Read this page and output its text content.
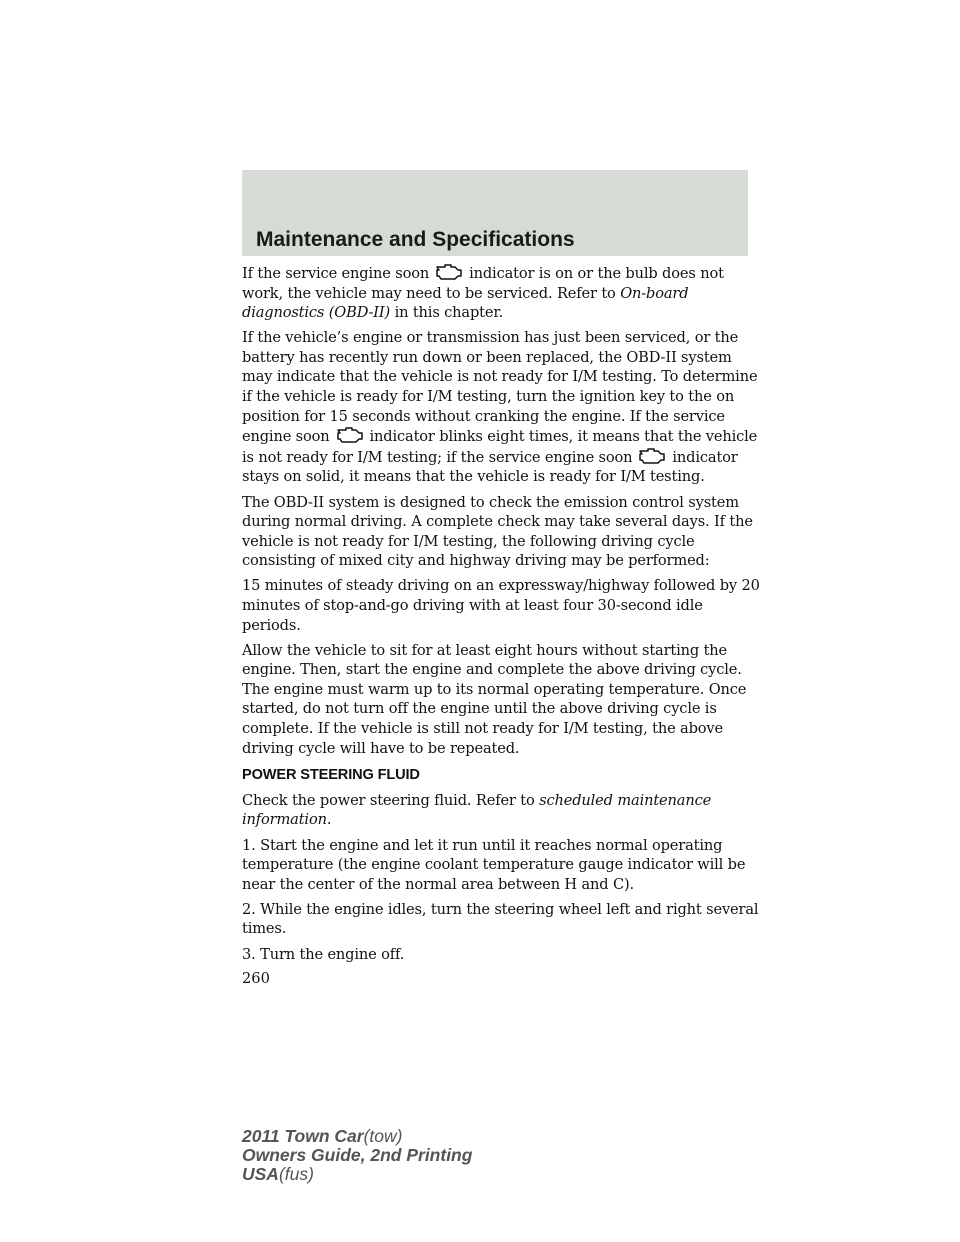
Maintenance and Specifications

If the service engine soon	indicator is on or the bulb does not work, the vehicle may need to be serviced. Refer to On-board diagnostics (OBD-II) in this chapter.

If the vehicle’s engine or transmission has just been serviced, or the battery has recently run down or been replaced, the OBD-II system may indicate that the vehicle is not ready for I/M testing. To determine if the vehicle is ready for I/M testing, turn the ignition key to the on position for 15 seconds without cranking the engine. If the service engine soon	indicator blinks eight times, it means that the vehicle is not ready for I/M testing; if the service engine soon	indicator stays on solid, it means that the vehicle is ready for I/M testing.

The OBD-II system is designed to check the emission control system during normal driving. A complete check may take several days. If the vehicle is not ready for I/M testing, the following driving cycle consisting of mixed city and highway driving may be performed:

15 minutes of steady driving on an expressway/highway followed by 20 minutes of stop-and-go driving with at least four 30-second idle periods.

Allow the vehicle to sit for at least eight hours without starting the engine. Then, start the engine and complete the above driving cycle. The engine must warm up to its normal operating temperature. Once started, do not turn off the engine until the above driving cycle is complete. If the vehicle is still not ready for I/M testing, the above driving cycle will have to be repeated.

POWER STEERING FLUID

Check the power steering fluid. Refer to scheduled maintenance information.

1. Start the engine and let it run until it reaches normal operating temperature (the engine coolant temperature gauge indicator will be near the center of the normal area between H and C).

2. While the engine idles, turn the steering wheel left and right several times.

3. Turn the engine off.

260
2011 Town Car(tow)
Owners Guide, 2nd Printing
USA(fus)
